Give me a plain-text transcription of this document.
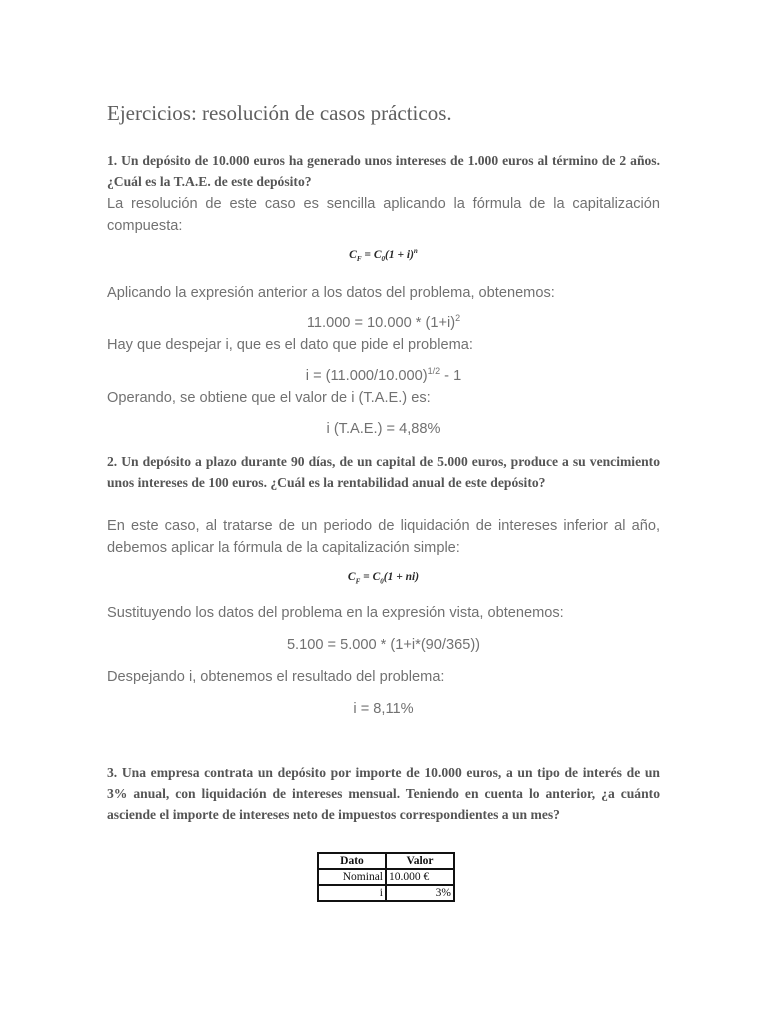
Ejercicios: resolución de casos prácticos.
1. Un depósito de 10.000 euros ha generado unos intereses de 1.000 euros al término de 2 años. ¿Cuál es la T.A.E. de este depósito?
La resolución de este caso es sencilla aplicando la fórmula de la capitalización compuesta:
$C_F = C_0(1 + i)^n$
Aplicando la expresión anterior a los datos del problema, obtenemos:
$11.000 = 10.000 * (1+i)^2$
Hay que despejar i, que es el dato que pide el problema:
$i = (11.000/10.000)^{1/2} - 1$
Operando, se obtiene que el valor de i (T.A.E.) es:
i (T.A.E.) = 4,88%
2. Un depósito a plazo durante 90 días, de un capital de 5.000 euros, produce a su vencimiento unos intereses de 100 euros. ¿Cuál es la rentabilidad anual de este depósito?
En este caso, al tratarse de un periodo de liquidación de intereses inferior al año, debemos aplicar la fórmula de la capitalización simple:
$C_F = C_0(1 + ni)$
Sustituyendo los datos del problema en la expresión vista, obtenemos:
5.100 = 5.000 * (1+i*(90/365))
Despejando i, obtenemos el resultado del problema:
i = 8,11%
3. Una empresa contrata un depósito por importe de 10.000 euros, a un tipo de interés de un 3% anual, con liquidación de intereses mensual. Teniendo en cuenta lo anterior, ¿a cuánto asciende el importe de intereses neto de impuestos correspondientes a un mes?
Dato	Valor
Nominal	10.000 €
i	3%
